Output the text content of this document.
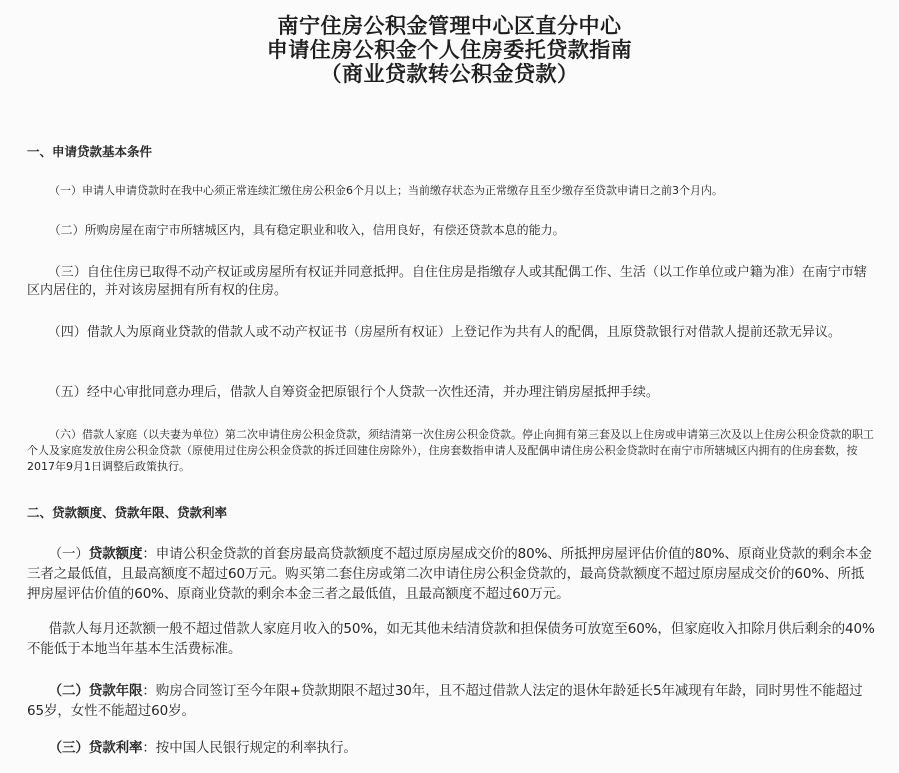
南宁住房公积金管理中心区直分中心
申请住房公积金个人住房委托贷款指南
（商业贷款转公积金贷款）
一、申请贷款基本条件
（一）申请人申请贷款时在我中心须正常连续汇缴住房公积金6个月以上；当前缴存状态为正常缴存且至少缴存至贷款申请日之前3个月内。
（二）所购房屋在南宁市所辖城区内，具有稳定职业和收入，信用良好，有偿还贷款本息的能力。
（三）自住住房已取得不动产权证或房屋所有权证并同意抵押。自住住房是指缴存人或其配偶工作、生活（以工作单位或户籍为准）在南宁市辖区内居住的，并对该房屋拥有所有权的住房。
（四）借款人为原商业贷款的借款人或不动产权证书（房屋所有权证）上登记作为共有人的配偶，且原贷款银行对借款人提前还款无异议。
（五）经中心审批同意办理后，借款人自筹资金把原银行个人贷款一次性还清，并办理注销房屋抵押手续。
（六）借款人家庭（以夫妻为单位）第二次申请住房公积金贷款，须结清第一次住房公积金贷款。停止向拥有第三套及以上住房或申请第三次及以上住房公积金贷款的职工个人及家庭发放住房公积金贷款（原使用过住房公积金贷款的拆迁回建住房除外），住房套数指申请人及配偶申请住房公积金贷款时在南宁市所辖城区内拥有的住房套数，按2017年9月1日调整后政策执行。
二、贷款额度、贷款年限、贷款利率
（一）贷款额度：申请公积金贷款的首套房最高贷款额度不超过原房屋成交价的80%、所抵押房屋评估价值的80%、原商业贷款的剩余本金三者之最低值，且最高额度不超过60万元。购买第二套住房或第二次申请住房公积金贷款的，最高贷款额度不超过原房屋成交价的60%、所抵押房屋评估价值的60%、原商业贷款的剩余本金三者之最低值，且最高额度不超过60万元。
借款人每月还款额一般不超过借款人家庭月收入的50%，如无其他未结清贷款和担保债务可放宽至60%，但家庭收入扣除月供后剩余的40%不能低于本地当年基本生活费标准。
（二）贷款年限：购房合同签订至今年限+贷款期限不超过30年，且不超过借款人法定的退休年龄延长5年减现有年龄，同时男性不能超过65岁，女性不能超过60岁。
（三）贷款利率：按中国人民银行规定的利率执行。
